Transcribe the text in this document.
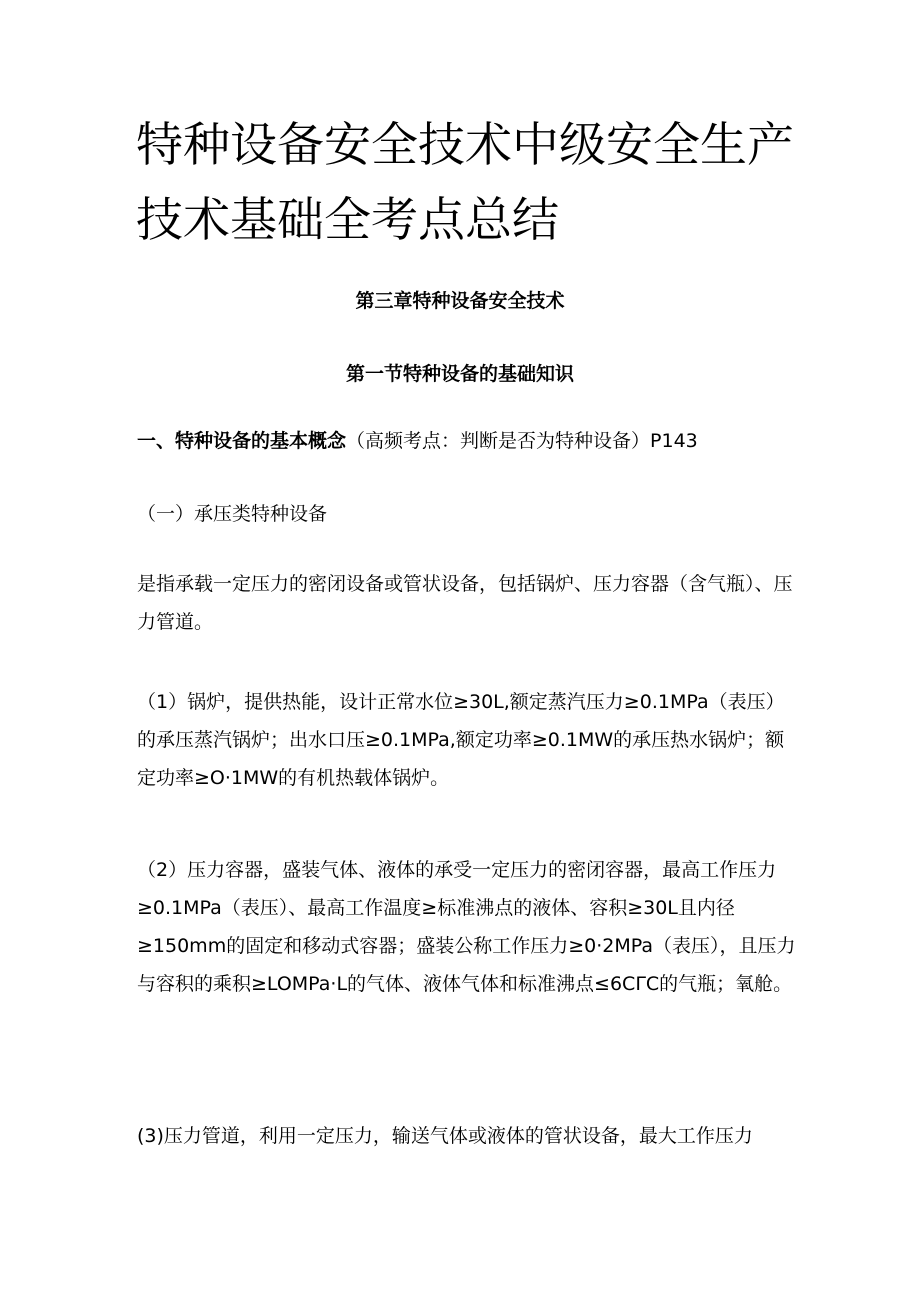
特种设备安全技术中级安全生产技术基础全考点总结
第三章特种设备安全技术
第一节特种设备的基础知识

一、特种设备的基本概念（高频考点：判断是否为特种设备）P143

（一）承压类特种设备

是指承载一定压力的密闭设备或管状设备，包括锅炉、压力容器（含气瓶）、压力管道。

（1）锅炉，提供热能，设计正常水位≥30L,额定蒸汽压力≥0.1MPa（表压）的承压蒸汽锅炉；出水口压≥0.1MPa,额定功率≥0.1MW的承压热水锅炉；额定功率≥O·1MW的有机热载体锅炉。

（2）压力容器，盛装气体、液体的承受一定压力的密闭容器，最高工作压力≥0.1MPa（表压）、最高工作温度≥标准沸点的液体、容积≥30L且内径≥150mm的固定和移动式容器；盛装公称工作压力≥0·2MPa（表压），且压力与容积的乘积≥LOMPa·L的气体、液体气体和标准沸点≤6CΓC的气瓶；氧舱。

(3)压力管道，利用一定压力，输送气体或液体的管状设备，最大工作压力
